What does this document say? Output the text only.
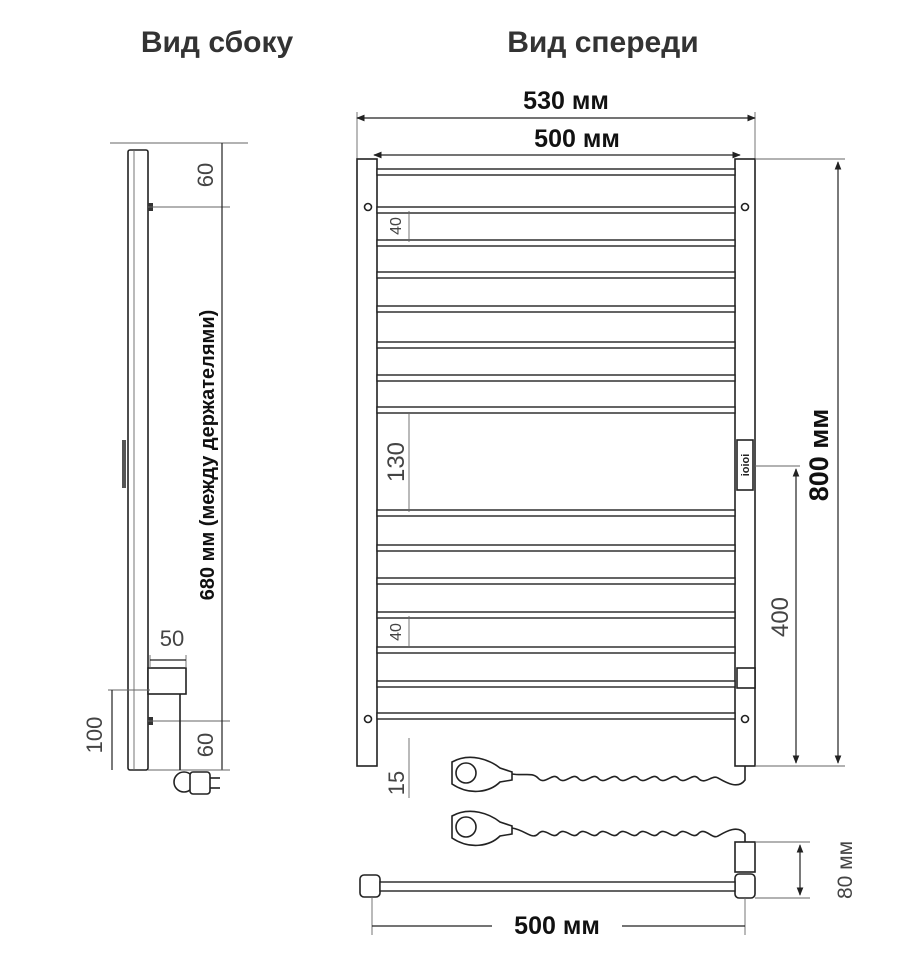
Вид сбоку	Вид спереди
60
680 мм (между держателями)
50
60
100
530 мм
500 мм
40
130
40
15
ioioi 800 мм
400
80 мм
500 мм
